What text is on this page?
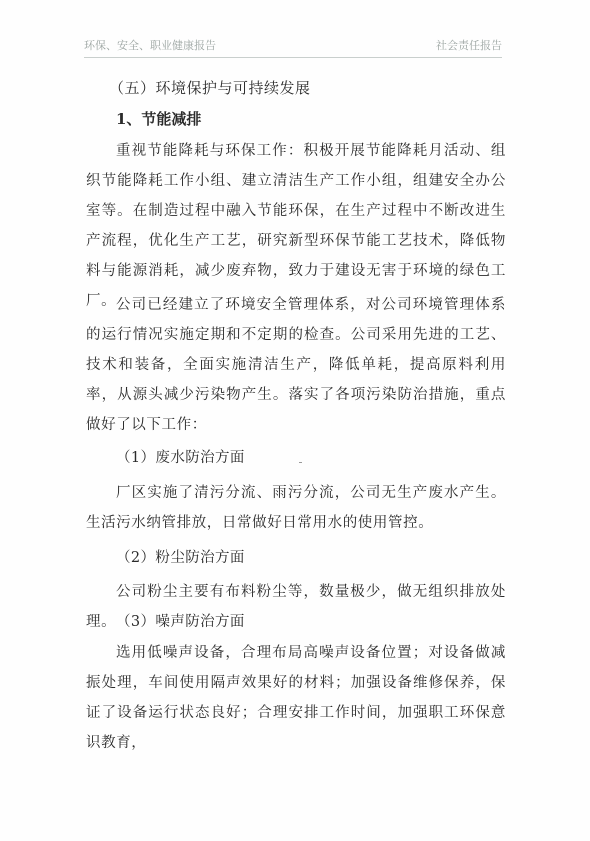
环保、安全、职业健康报告	社会责任报告
（五）环境保护与可持续发展
1、节能减排
重视节能降耗与环保工作：积极开展节能降耗月活动、组织节能降耗工作小组、建立清洁生产工作小组，组建安全办公室等。在制造过程中融入节能环保，在生产过程中不断改进生产流程，优化生产工艺，研究新型环保节能工艺技术，降低物料与能源消耗，减少废弃物，致力于建设无害于环境的绿色工厂。 公司已经建立了环境安全管理体系，对公司环境管理体系的运行情况实施定期和不定期的检查。公司采用先进的工艺、技术和装备，全面实施清洁生产，降低单耗，提高原料利用率，从源头减少污染物产生。落实了各项污染防治措施，重点做好了以下工作：
（1）废水防治方面
厂区实施了清污分流、雨污分流，公司无生产废水产生。生活污水纳管排放，日常做好日常用水的使用管控。
（2）粉尘防治方面
公司粉尘主要有布料粉尘等，数量极少，做无组织排放处理。 （3）噪声防治方面
选用低噪声设备，合理布局高噪声设备位置；对设备做减振处理，车间使用隔声效果好的材料；加强设备维修保养，保证了设备运行状态良好；合理安排工作时间，加强职工环保意识教育，
